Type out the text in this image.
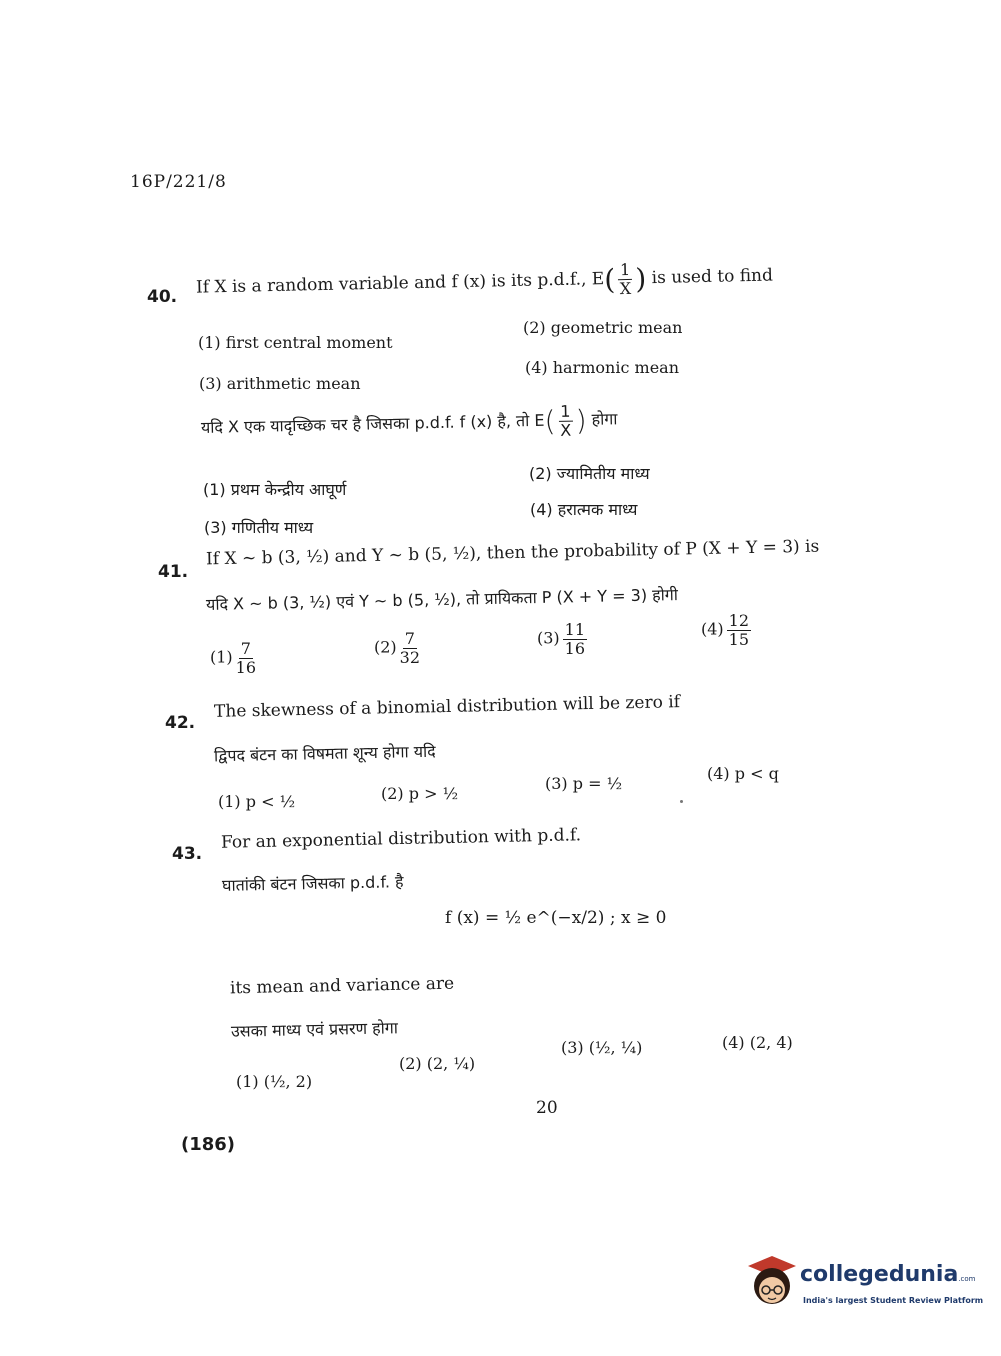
16P/221/8
40. If X is a random variable and f (x) is its p.d.f., $E( \frac{1}{X}$ ) is used to find
(1) first central moment
(2) geometric mean
(3) arithmetic mean
(4) harmonic mean
यदि X एक यादृच्छिक चर है जिसका p.d.f. f (x) है, तो $E( \frac{1}{X}$ ) होगा
(1) प्रथम केन्द्रीय आघूर्ण
(2) ज्यामितीय माध्य
(3) गणितीय माध्य
(4) हरात्मक माध्य
41.
If X ~ b (3, ½) and Y ~ b (5, ½), then the probability of P (X + Y = 3) is
यदि X ~ b (3, ½) एवं Y ~ b (5, ½), तो प्रायिकता P (X + Y = 3) होगी
$(1) \frac{7}{16}$	$(2) \frac{7}{32}$	$(3) \frac{11}{16}$	$(4) \frac{12}{15}$
42.
The skewness of a binomial distribution will be zero if
द्विपद बंटन का विषमता शून्य होगा यदि
(1) p < ½	(2) p > ½
(3) p = ½
(4) p < q
43.
For an exponential distribution with p.d.f.
घातांकी बंटन जिसका p.d.f. है
f (x) = ½ e^(−x/2) ; x ≥ 0
its mean and variance are
उसका माध्य एवं प्रसरण होगा
(1) (½, 2)
(2) (2, ¼)
(3) (½, ¼)	(4) (2, 4)
20
(186)
collegedunia.com
India's largest Student Review Platform
